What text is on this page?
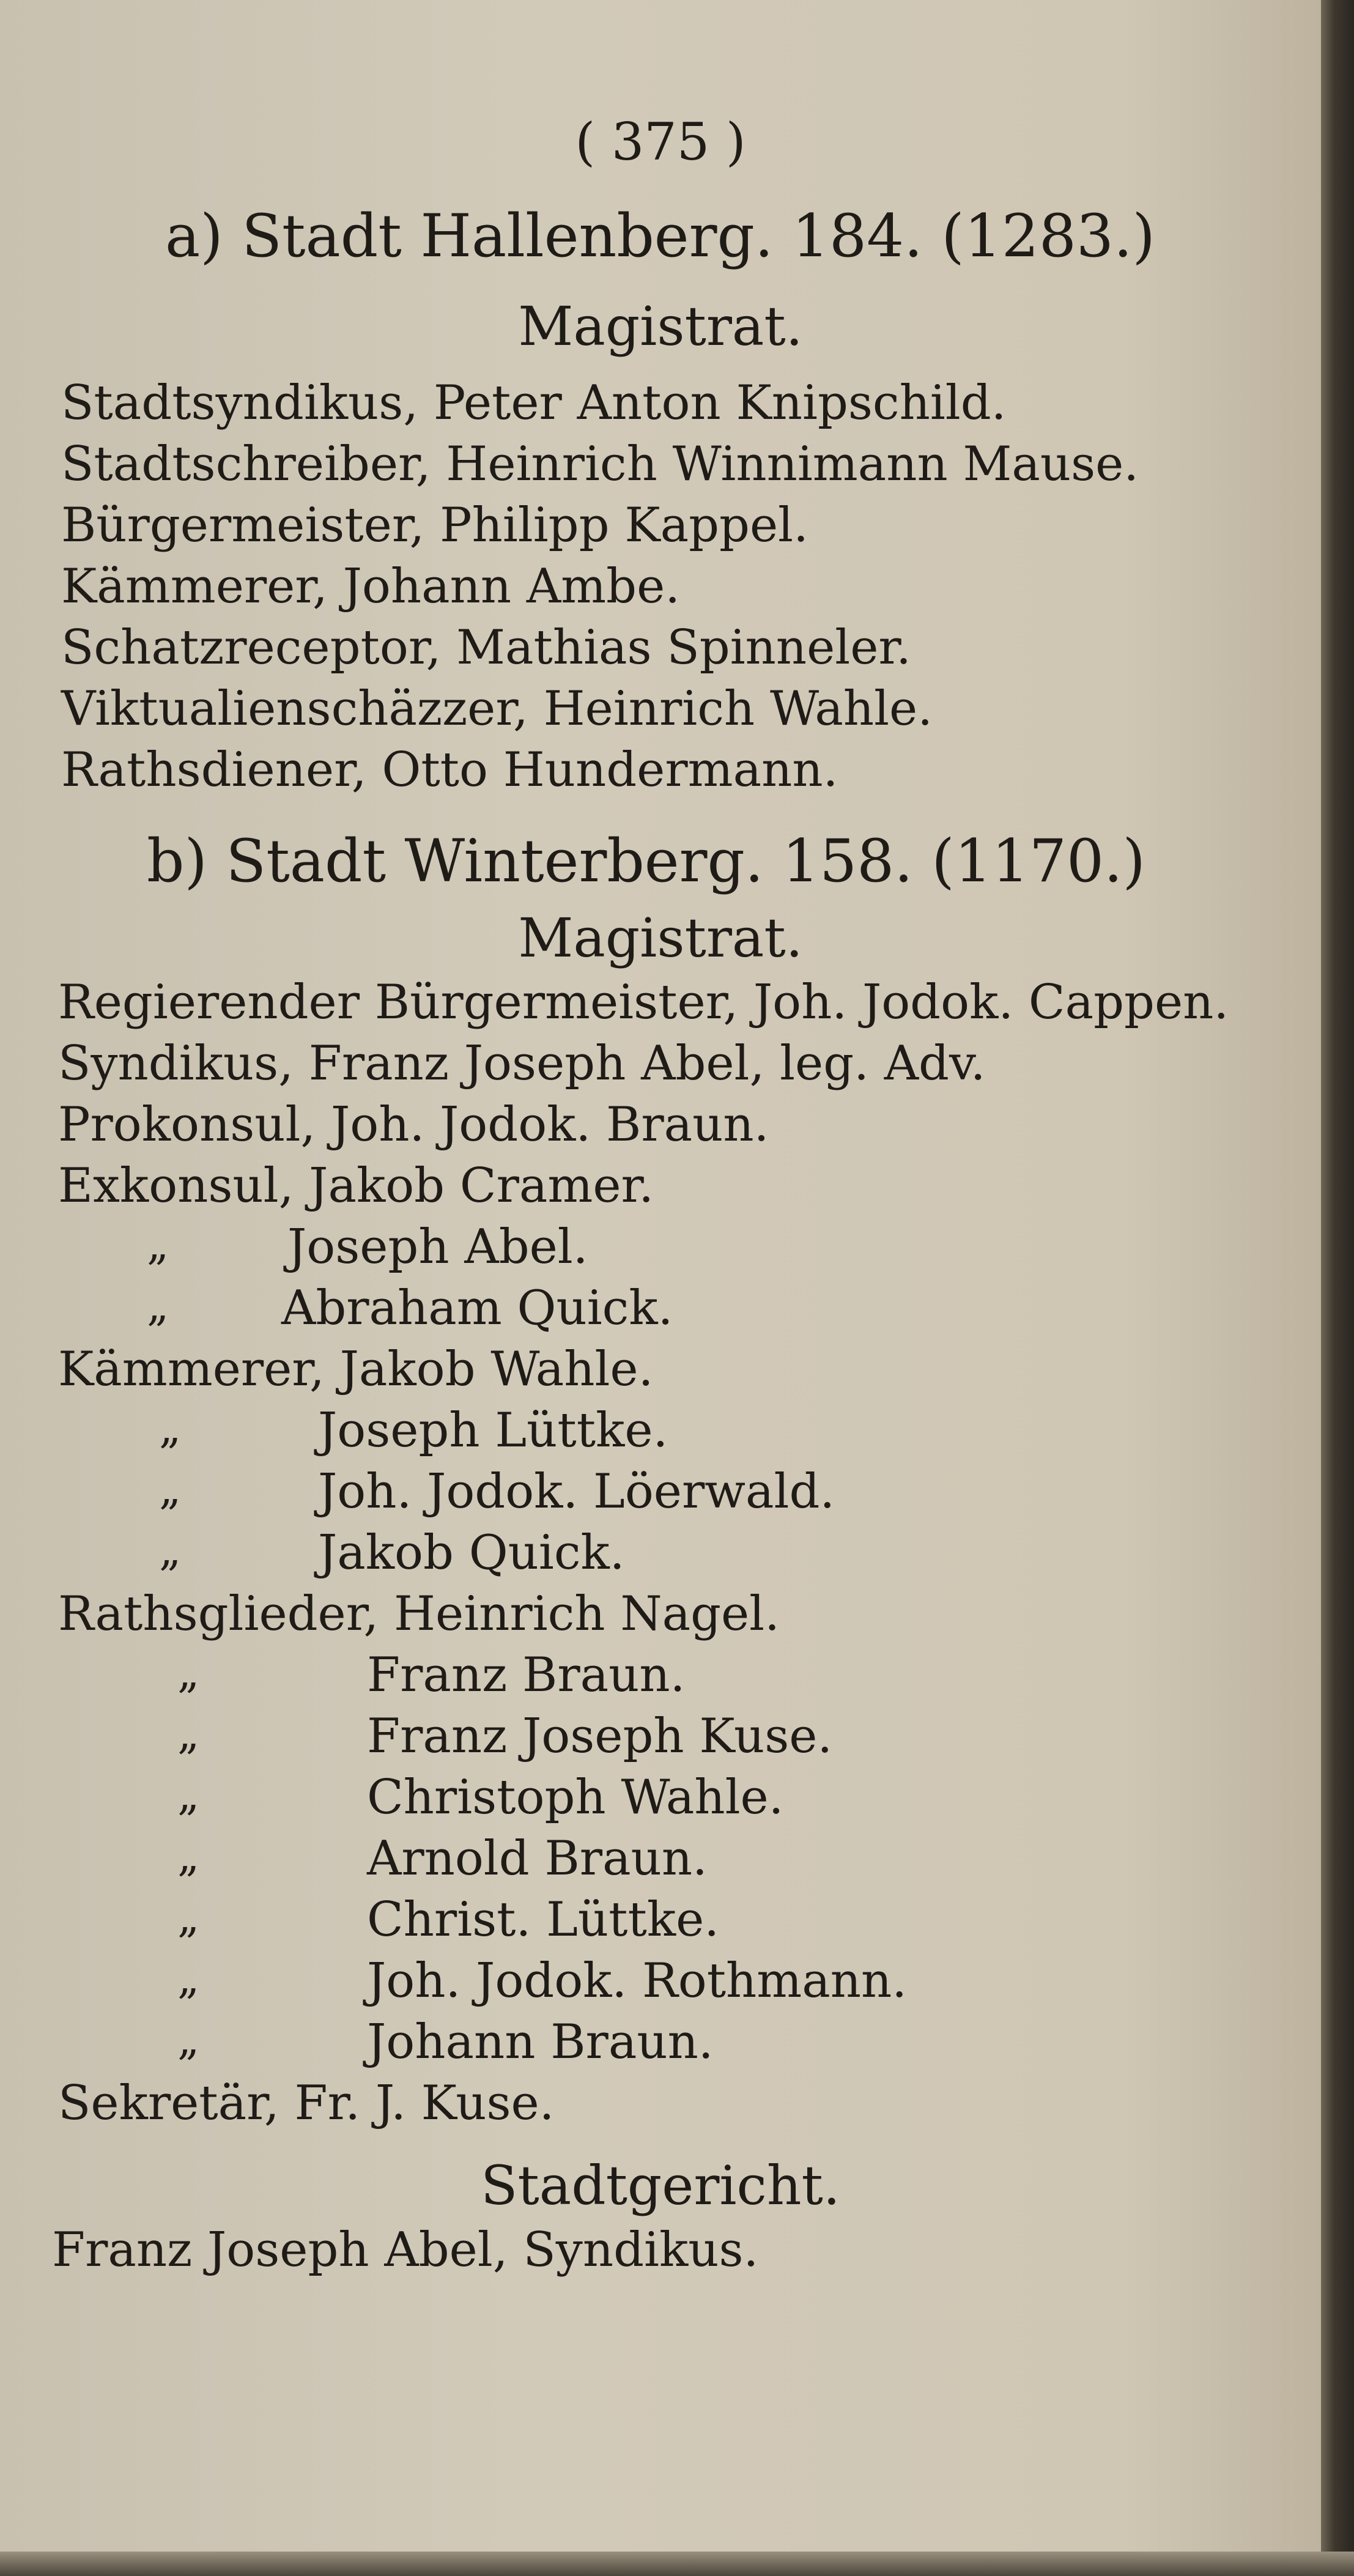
( 375 )
a) Stadt Hallenberg. 184. (1283.)
Magistrat.
Stadtsyndikus, Peter Anton Knipschild.
Stadtschreiber, Heinrich Winnimann Mause.
Bürgermeister, Philipp Kappel.
Kämmerer, Johann Ambe.
Schatzreceptor, Mathias Spinneler.
Viktualienschäzzer, Heinrich Wahle.
Rathsdiener, Otto Hundermann.
b) Stadt Winterberg. 158. (1170.)
Magistrat.
Regierender Bürgermeister, Joh. Jodok. Cappen.
Syndikus, Franz Joseph Abel, leg. Adv.
Prokonsul, Joh. Jodok. Braun.
Exkonsul, Jakob Cramer.
„ Joseph Abel.
„ Abraham Quick.
Kämmerer, Jakob Wahle.
„	Joseph Lüttke.
„	Joh. Jodok. Löerwald.
„	Jakob Quick.
Rathsglieder, Heinrich Nagel.
„	Franz Braun.
„	Franz Joseph Kuse.
„	Christoph Wahle.
„	Arnold Braun.
„	Christ. Lüttke.
„	Joh. Jodok. Rothmann.
„	Johann Braun.
Sekretär, Fr. J. Kuse.
Stadtgericht.
Franz Joseph Abel, Syndikus.
